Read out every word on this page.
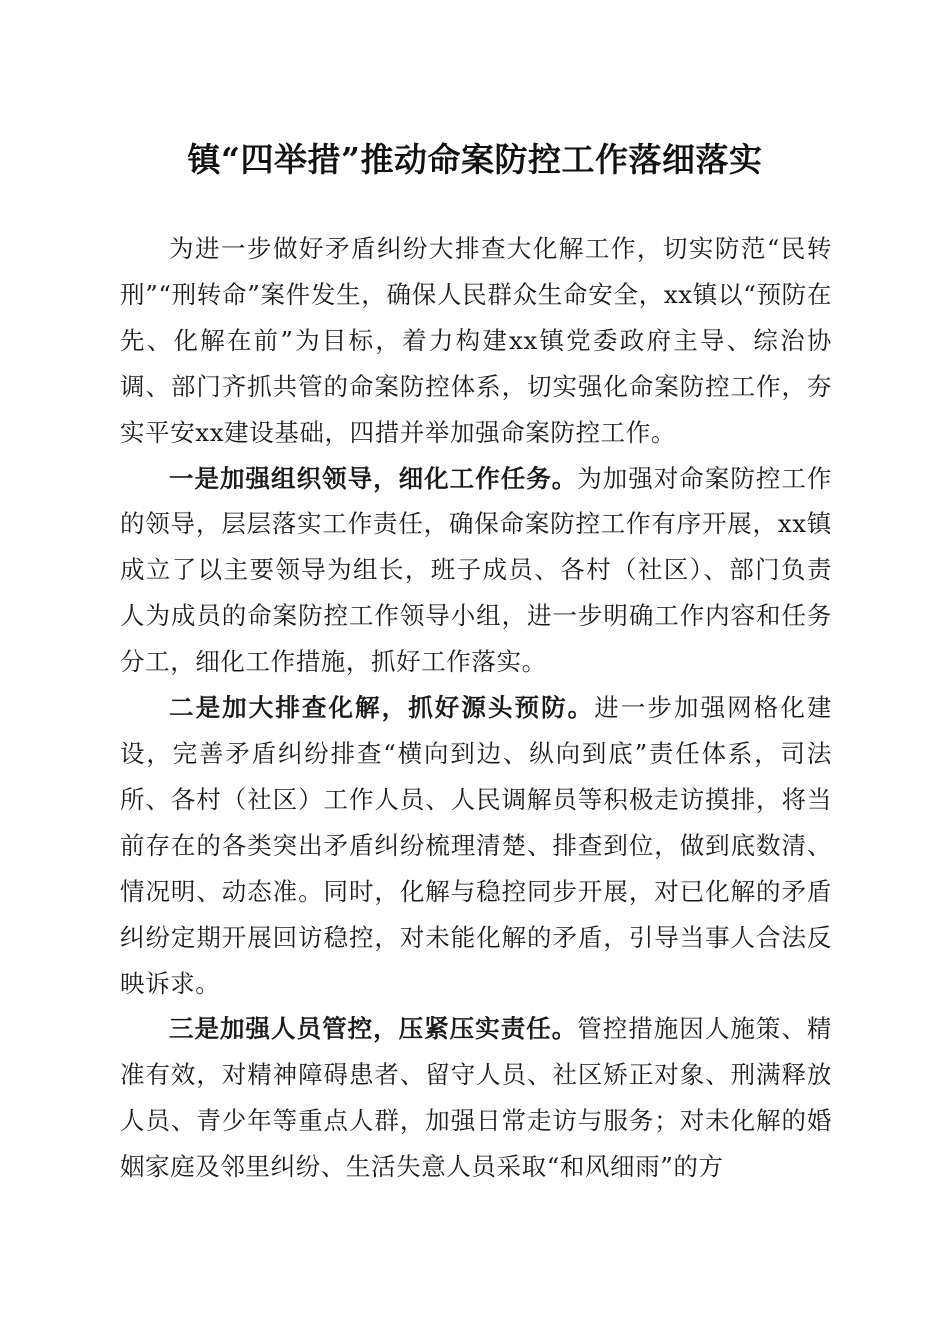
镇“四举措”推动命案防控工作落细落实

为进一步做好矛盾纠纷大排查大化解工作，切实防范“民转刑”“刑转命”案件发生，确保人民群众生命安全，xx镇以“预防在先、化解在前”为目标，着力构建xx镇党委政府主导、综治协调、部门齐抓共管的命案防控体系，切实强化命案防控工作，夯实平安xx建设基础，四措并举加强命案防控工作。

一是加强组织领导，细化工作任务。为加强对命案防控工作的领导，层层落实工作责任，确保命案防控工作有序开展，xx镇成立了以主要领导为组长，班子成员、各村（社区）、部门负责人为成员的命案防控工作领导小组，进一步明确工作内容和任务分工，细化工作措施，抓好工作落实。

二是加大排查化解，抓好源头预防。进一步加强网格化建设，完善矛盾纠纷排查“横向到边、纵向到底”责任体系，司法所、各村（社区）工作人员、人民调解员等积极走访摸排，将当前存在的各类突出矛盾纠纷梳理清楚、排查到位，做到底数清、情况明、动态准。同时，化解与稳控同步开展，对已化解的矛盾纠纷定期开展回访稳控，对未能化解的矛盾，引导当事人合法反映诉求。

三是加强人员管控，压紧压实责任。管控措施因人施策、精准有效，对精神障碍患者、留守人员、社区矫正对象、刑满释放人员、青少年等重点人群，加强日常走访与服务；对未化解的婚姻家庭及邻里纠纷、生活失意人员采取“和风细雨”的方
